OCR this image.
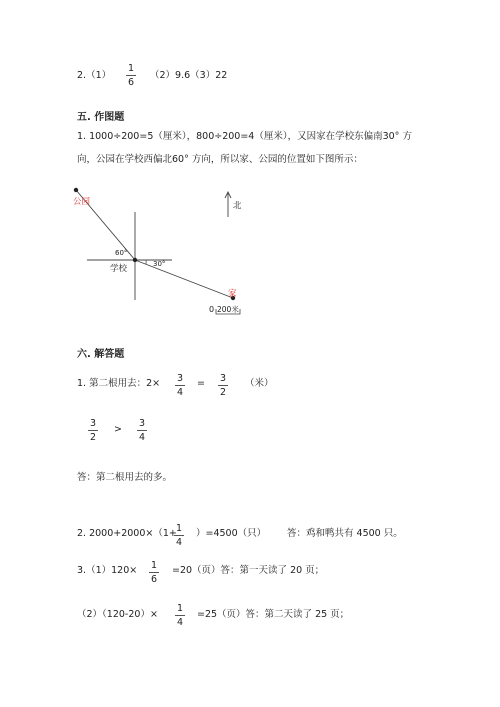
2.（1）
1
6
（2）9.6（3）22
五. 作图题
1. 1000÷200=5（厘米），800÷200=4（厘米），又因家在学校东偏南30° 方
向，公园在学校西偏北60° 方向，所以家、公园的位置如下图所示：
公园
60°
30°
学校
家
北
0 200米
六. 解答题
1. 第二根用去：2× 3
4
= 3
2
（米）
3
2
>
3
4
答：第二根用去的多。
2. 2000+2000×（1+ 1
4
）=4500（只） 答：鸡和鸭共有 4500 只。
3.（1）120× 1
6
=20（页）答：第一天读了 20 页；
（2）（120-20）×
1
4
=25（页）答：第二天读了 25 页；
